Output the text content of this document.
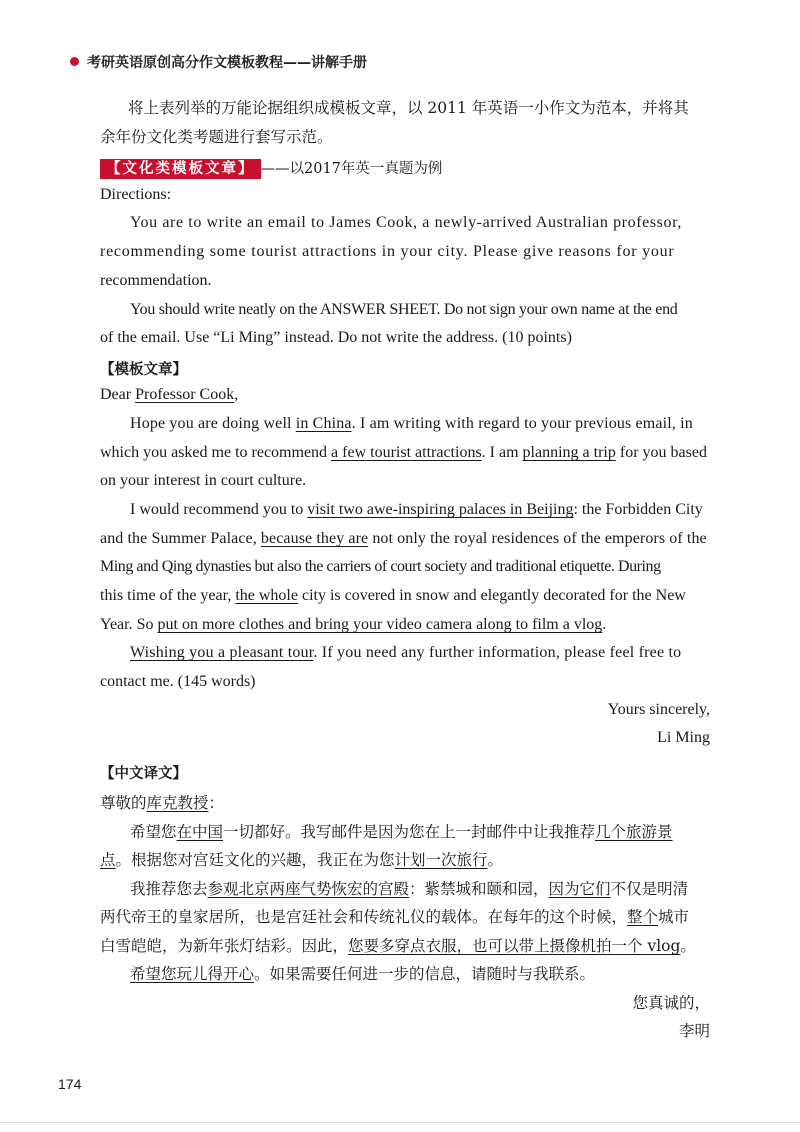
考研英语原创高分作文模板教程——讲解手册
将上表列举的万能论据组织成模板文章，以 2011 年英语一小作文为范本，并将其
余年份文化类考题进行套写示范。
【文化类模板文章】 ——以2017年英一真题为例
Directions:
You are to write an email to James Cook, a newly-arrived Australian professor,
recommending some tourist attractions in your city. Please give reasons for your
recommendation.
You should write neatly on the ANSWER SHEET. Do not sign your own name at the end
of the email. Use “Li Ming” instead. Do not write the address. (10 points)
【模板文章】
Dear Professor Cook,
Hope you are doing well in China. I am writing with regard to your previous email, in
which you asked me to recommend a few tourist attractions. I am planning a trip for you based
on your interest in court culture.
I would recommend you to visit two awe-inspiring palaces in Beijing: the Forbidden City
and the Summer Palace, because they are not only the royal residences of the emperors of the
Ming and Qing dynasties but also the carriers of court society and traditional etiquette. During
this time of the year, the whole city is covered in snow and elegantly decorated for the New
Year. So put on more clothes and bring your video camera along to film a vlog.
Wishing you a pleasant tour. If you need any further information, please feel free to
contact me. (145 words)
Yours sincerely,
Li Ming
【中文译文】
尊敬的库克教授：
希望您在中国一切都好。我写邮件是因为您在上一封邮件中让我推荐几个旅游景
点。根据您对宫廷文化的兴趣，我正在为您计划一次旅行。
我推荐您去参观北京两座气势恢宏的宫殿：紫禁城和颐和园，因为它们不仅是明清
两代帝王的皇家居所，也是宫廷社会和传统礼仪的载体。在每年的这个时候，整个城市
白雪皑皑，为新年张灯结彩。因此，您要多穿点衣服，也可以带上摄像机拍一个 vlog。
希望您玩儿得开心。如果需要任何进一步的信息，请随时与我联系。
您真诚的，
李明
174
